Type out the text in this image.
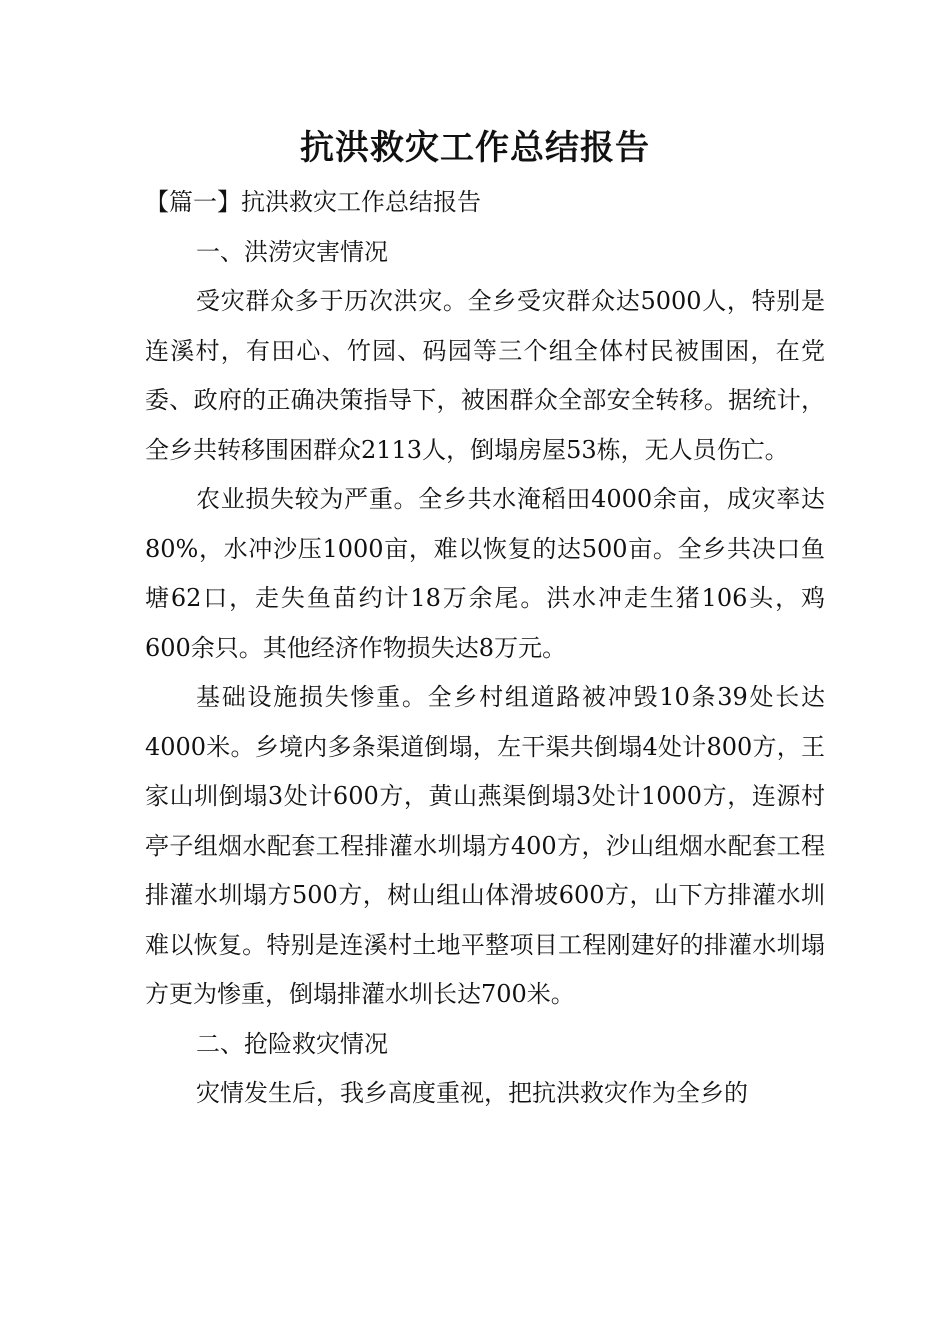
抗洪救灾工作总结报告

【篇一】抗洪救灾工作总结报告

一、洪涝灾害情况

受灾群众多于历次洪灾。全乡受灾群众达5000人，特别是连溪村，有田心、竹园、码园等三个组全体村民被围困，在党委、政府的正确决策指导下，被困群众全部安全转移。据统计，全乡共转移围困群众2113人，倒塌房屋53栋，无人员伤亡。

农业损失较为严重。全乡共水淹稻田4000余亩，成灾率达80%，水冲沙压1000亩，难以恢复的达500亩。全乡共决口鱼塘62口，走失鱼苗约计18万余尾。洪水冲走生猪106头，鸡600余只。其他经济作物损失达8万元。

基础设施损失惨重。全乡村组道路被冲毁10条39处长达4000米。乡境内多条渠道倒塌，左干渠共倒塌4处计800方，王家山圳倒塌3处计600方，黄山燕渠倒塌3处计1000方，连源村亭子组烟水配套工程排灌水圳塌方400方，沙山组烟水配套工程排灌水圳塌方500方，树山组山体滑坡600方，山下方排灌水圳难以恢复。特别是连溪村土地平整项目工程刚建好的排灌水圳塌方更为惨重，倒塌排灌水圳长达700米。

二、抢险救灾情况

灾情发生后，我乡高度重视，把抗洪救灾作为全乡的
